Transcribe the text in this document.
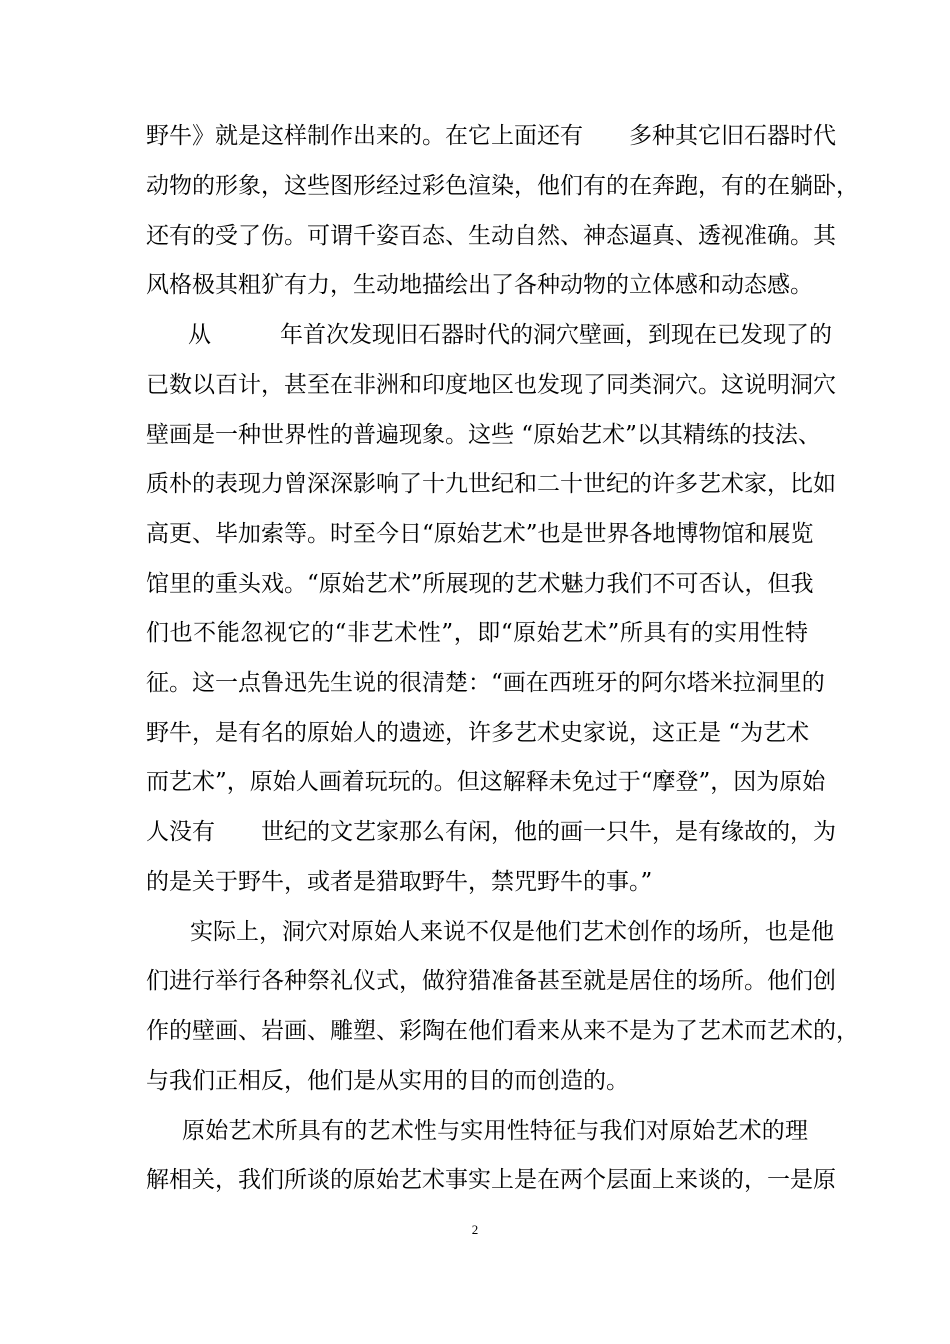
野牛》就是这样制作出来的。在它上面还有　　多种其它旧石器时代
动物的形象，这些图形经过彩色渲染，他们有的在奔跑，有的在躺卧，
还有的受了伤。可谓千姿百态、生动自然、神态逼真、透视准确。其
风格极其粗犷有力，生动地描绘出了各种动物的立体感和动态感。
从　　　年首次发现旧石器时代的洞穴壁画，到现在已发现了的
已数以百计，甚至在非洲和印度地区也发现了同类洞穴。这说明洞穴
壁画是一种世界性的普遍现象。这些 “原始艺术”以其精练的技法、
质朴的表现力曾深深影响了十九世纪和二十世纪的许多艺术家，比如
高更、毕加索等。时至今日“原始艺术”也是世界各地博物馆和展览
馆里的重头戏。“原始艺术”所展现的艺术魅力我们不可否认，但我
们也不能忽视它的“非艺术性”，即“原始艺术”所具有的实用性特
征。这一点鲁迅先生说的很清楚：“画在西班牙的阿尔塔米拉洞里的
野牛，是有名的原始人的遗迹，许多艺术史家说，这正是 “为艺术
而艺术”，原始人画着玩玩的。但这解释未免过于“摩登”，因为原始
人没有　　世纪的文艺家那么有闲，他的画一只牛，是有缘故的，为
的是关于野牛，或者是猎取野牛，禁咒野牛的事。”
实际上，洞穴对原始人来说不仅是他们艺术创作的场所，也是他
们进行举行各种祭礼仪式，做狩猎准备甚至就是居住的场所。他们创
作的壁画、岩画、雕塑、彩陶在他们看来从来不是为了艺术而艺术的，
与我们正相反，他们是从实用的目的而创造的。
原始艺术所具有的艺术性与实用性特征与我们对原始艺术的理
解相关，我们所谈的原始艺术事实上是在两个层面上来谈的，一是原
2
